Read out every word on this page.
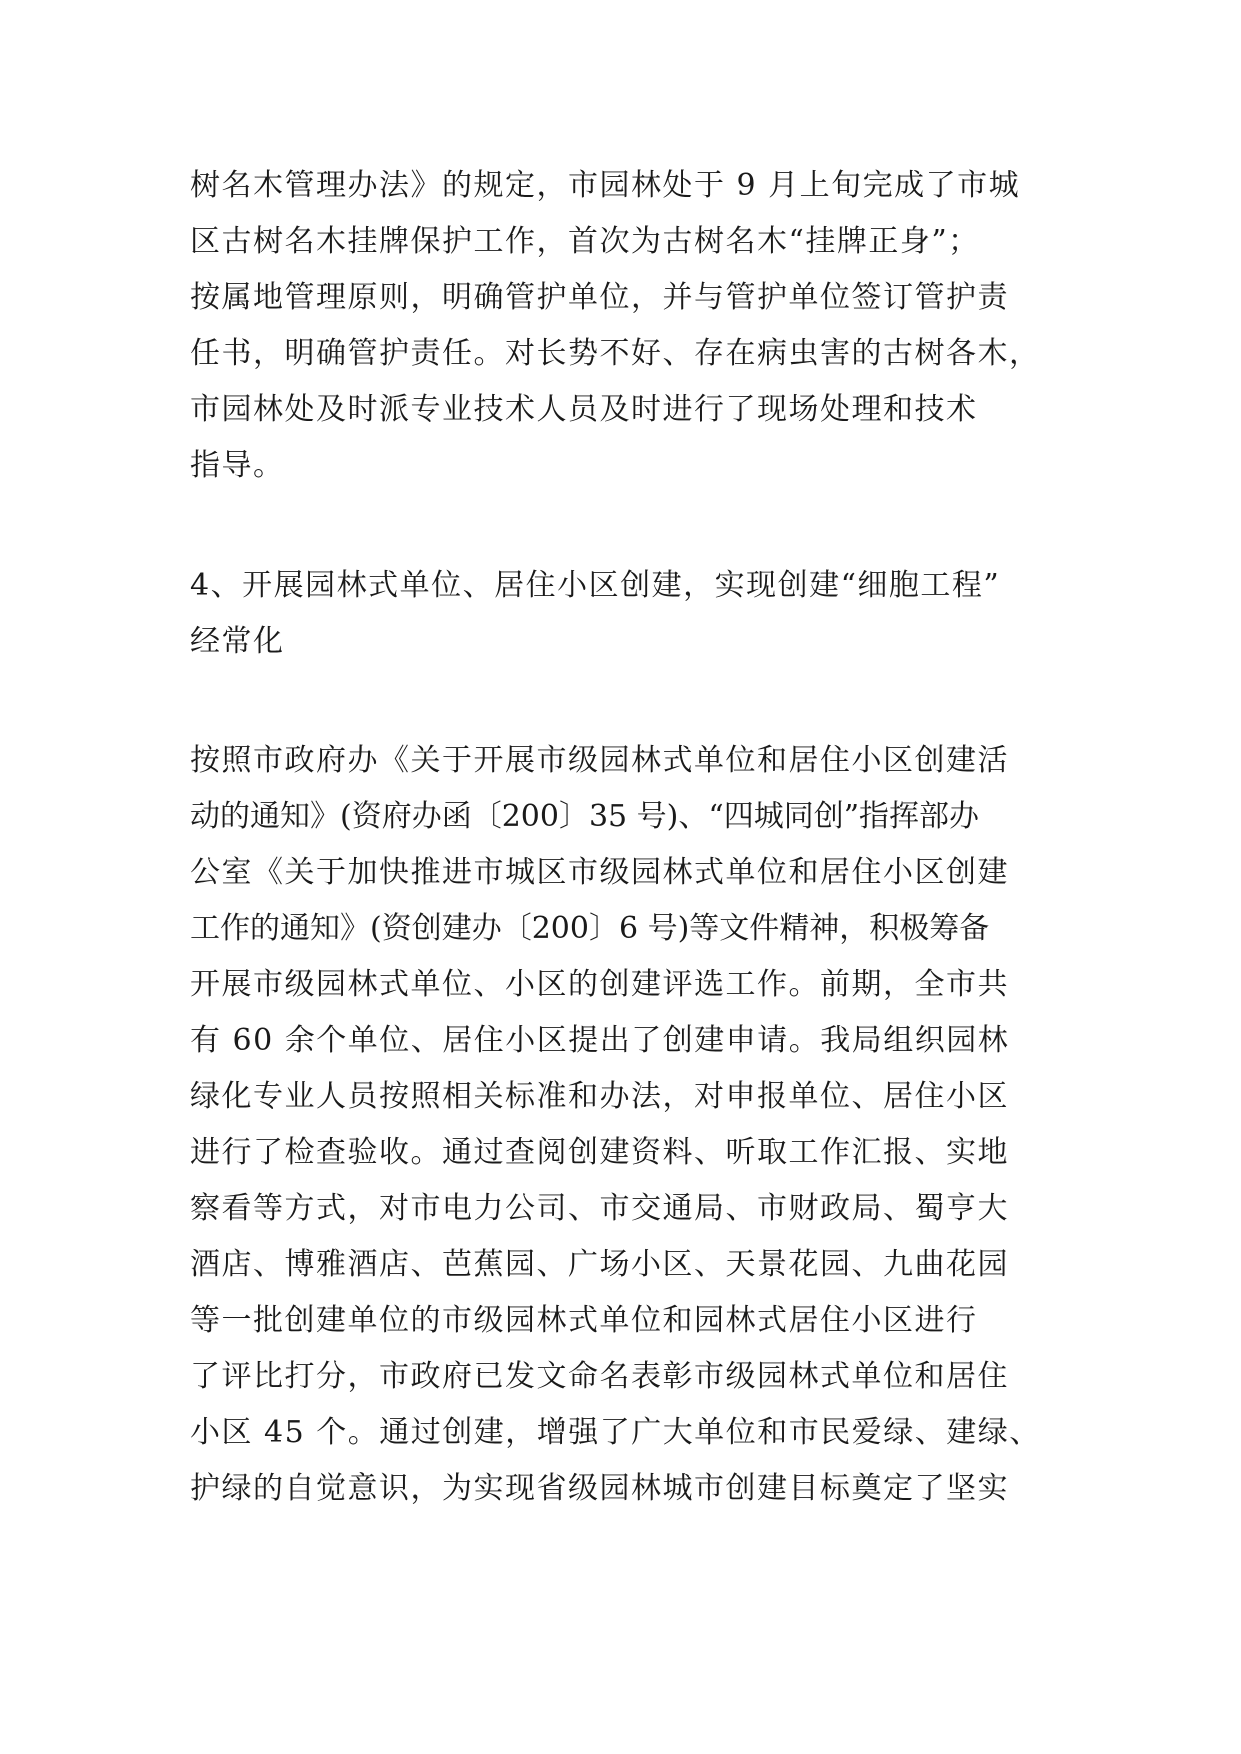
树名木管理办法》的规定，市园林处于 9 月上旬完成了市城
区古树名木挂牌保护工作，首次为古树名木“挂牌正身”；
按属地管理原则，明确管护单位，并与管护单位签订管护责
任书，明确管护责任。对长势不好、存在病虫害的古树各木，
市园林处及时派专业技术人员及时进行了现场处理和技术
指导。
4、开展园林式单位、居住小区创建，实现创建“细胞工程”
经常化
按照市政府办《关于开展市级园林式单位和居住小区创建活
动的通知》(资府办函〔200〕35 号)、“四城同创”指挥部办
公室《关于加快推进市城区市级园林式单位和居住小区创建
工作的通知》(资创建办〔200〕6 号)等文件精神，积极筹备
开展市级园林式单位、小区的创建评选工作。前期，全市共
有 60 余个单位、居住小区提出了创建申请。我局组织园林
绿化专业人员按照相关标准和办法，对申报单位、居住小区
进行了检查验收。通过查阅创建资料、听取工作汇报、实地
察看等方式，对市电力公司、市交通局、市财政局、蜀亨大
酒店、博雅酒店、芭蕉园、广场小区、天景花园、九曲花园
等一批创建单位的市级园林式单位和园林式居住小区进行
了评比打分，市政府已发文命名表彰市级园林式单位和居住
小区 45 个。通过创建，增强了广大单位和市民爱绿、建绿、
护绿的自觉意识，为实现省级园林城市创建目标奠定了坚实
